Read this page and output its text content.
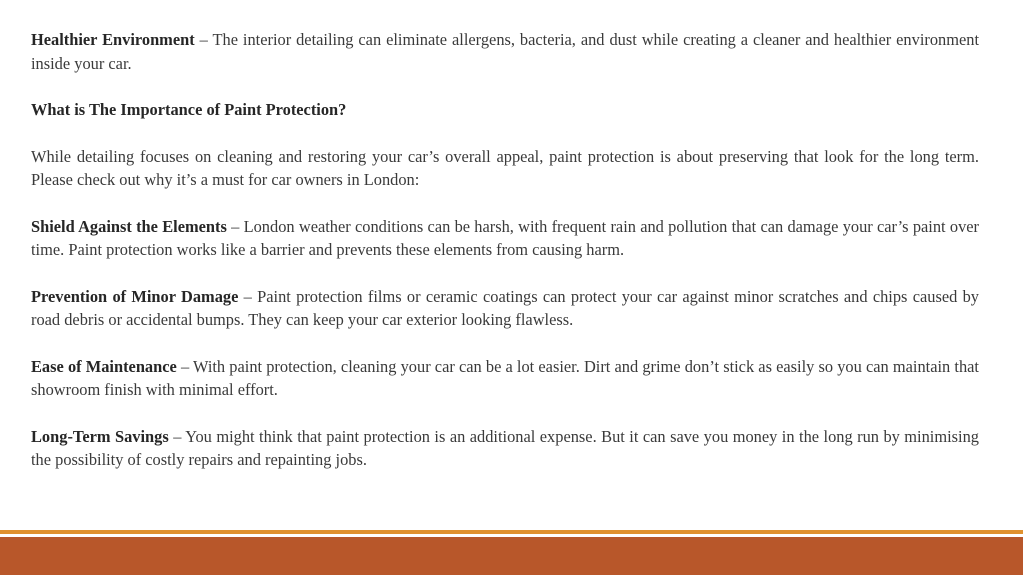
Healthier Environment – The interior detailing can eliminate allergens, bacteria, and dust while creating a cleaner and healthier environment inside your car.

What is The Importance of Paint Protection?

While detailing focuses on cleaning and restoring your car’s overall appeal, paint protection is about preserving that look for the long term. Please check out why it’s a must for car owners in London:

Shield Against the Elements – London weather conditions can be harsh, with frequent rain and pollution that can damage your car’s paint over time. Paint protection works like a barrier and prevents these elements from causing harm.

Prevention of Minor Damage – Paint protection films or ceramic coatings can protect your car against minor scratches and chips caused by road debris or accidental bumps. They can keep your car exterior looking flawless.

Ease of Maintenance – With paint protection, cleaning your car can be a lot easier. Dirt and grime don’t stick as easily so you can maintain that showroom finish with minimal effort.

Long-Term Savings – You might think that paint protection is an additional expense. But it can save you money in the long run by minimising the possibility of costly repairs and repainting jobs.
